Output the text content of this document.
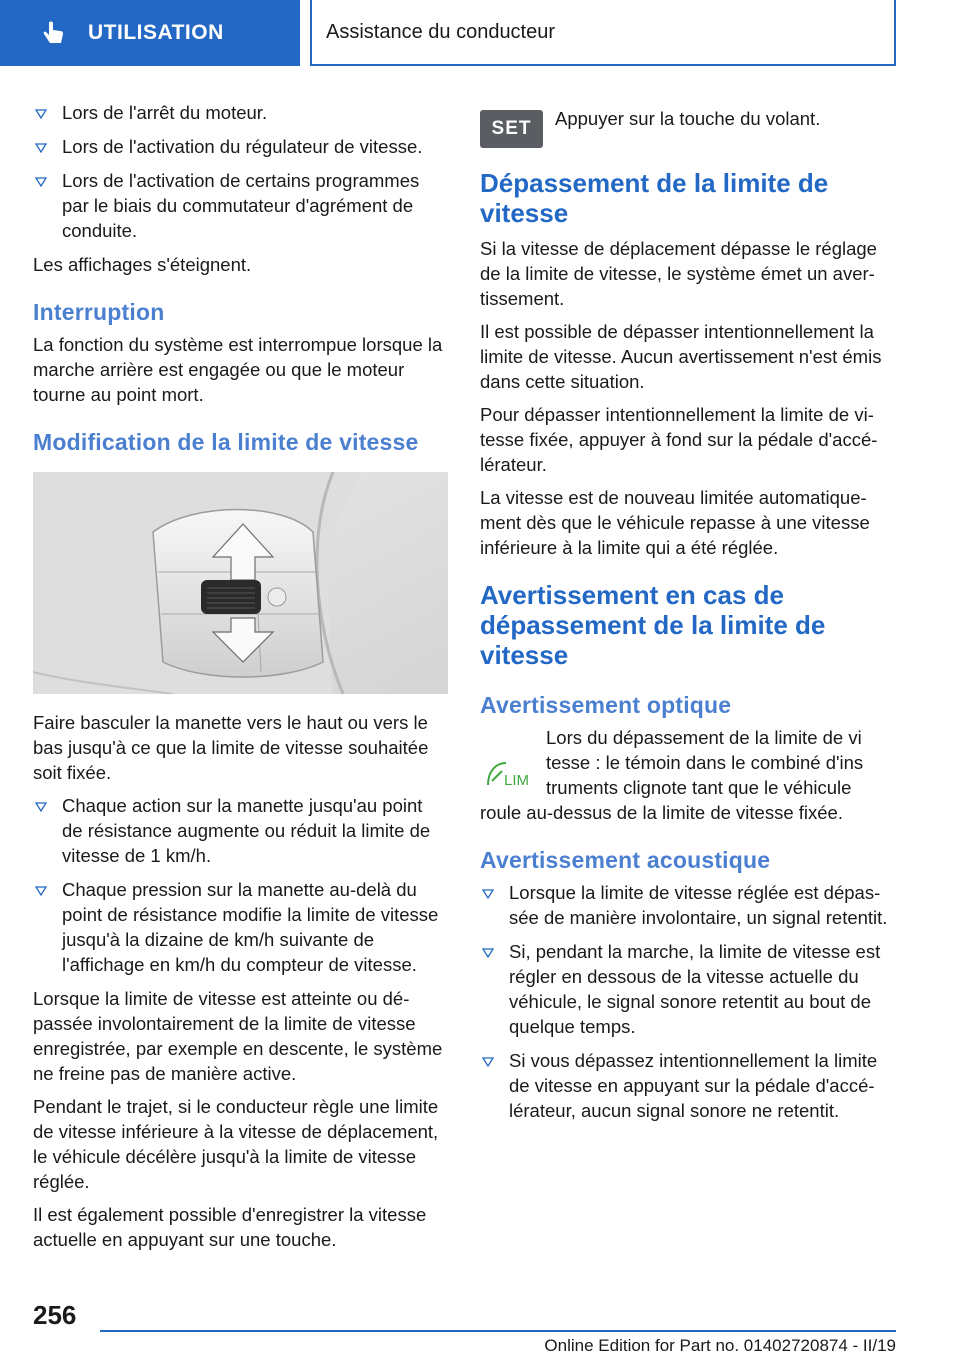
UTILISATION	Assistance du conducteur
Lors de l'arrêt du moteur.
Lors de l'activation du régulateur de vitesse.
Lors de l'activation de certains programmes par le biais du commutateur d'agrément de conduite.

Les affichages s'éteignent.

Interruption

La fonction du système est interrompue lorsque la marche arrière est engagée ou que le moteur tourne au point mort.

Modification de la limite de vitesse

Faire basculer la manette vers le haut ou vers le bas jusqu'à ce que la limite de vitesse souhaitée soit fixée.

Chaque action sur la manette jusqu'au point de résistance augmente ou réduit la limite de vitesse de 1 km/h.
Chaque pression sur la manette au-delà du point de résistance modifie la limite de vitesse jusqu'à la dizaine de km/h suivante de l'affichage en km/h du compteur de vitesse.

Lorsque la limite de vitesse est atteinte ou dépassée involontairement de la limite de vitesse enregistrée, par exemple en descente, le système ne freine pas de manière active.

Pendant le trajet, si le conducteur règle une limite de vitesse inférieure à la vitesse de déplacement, le véhicule décélère jusqu'à la limite de vitesse réglée.

Il est également possible d'enregistrer la vitesse actuelle en appuyant sur une touche.

SET	Appuyer sur la touche du volant.
Dépassement de la limite de vitesse

Si la vitesse de déplacement dépasse le réglage de la limite de vitesse, le système émet un avertissement.

Il est possible de dépasser intentionnellement la limite de vitesse. Aucun avertissement n'est émis dans cette situation.

Pour dépasser intentionnellement la limite de vitesse fixée, appuyer à fond sur la pédale d'accélérateur.

La vitesse est de nouveau limitée automatiquement dès que le véhicule repasse à une vitesse inférieure à la limite qui a été réglée.

Avertissement en cas de dépassement de la limite de vitesse
Avertissement optique
LIM

Lors du dépassement de la limite de vi
tesse : le témoin dans le combiné d'ins
truments clignote tant que le véhicule
roule au-dessus de la limite de vitesse fixée.

Avertissement acoustique
Lorsque la limite de vitesse réglée est dépassée de manière involontaire, un signal retentit.
Si, pendant la marche, la limite de vitesse est régler en dessous de la vitesse actuelle du véhicule, le signal sonore retentit au bout de quelque temps.
Si vous dépassez intentionnellement la limite de vitesse en appuyant sur la pédale d'accélérateur, aucun signal sonore ne retentit.
256
Online Edition for Part no. 01402720874 - II/19
